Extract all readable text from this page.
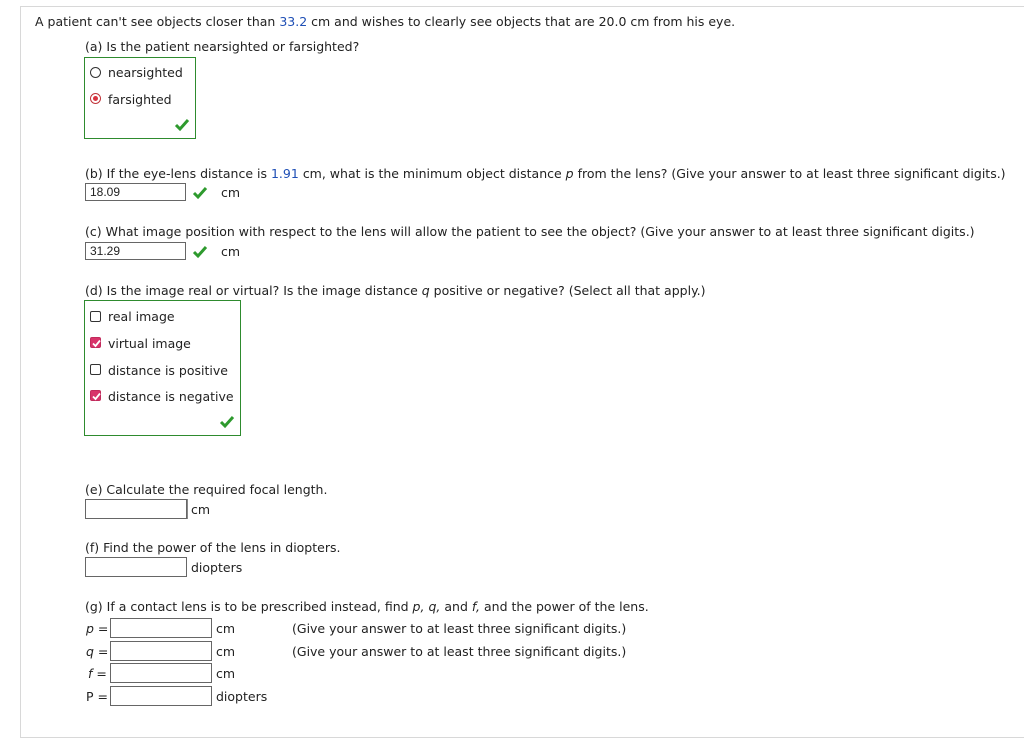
A patient can't see objects closer than 33.2 cm and wishes to clearly see objects that are 20.0 cm from his eye.
(a) Is the patient nearsighted or farsighted?
nearsighted
farsighted
(b) If the eye-lens distance is 1.91 cm, what is the minimum object distance p from the lens? (Give your answer to at least three significant digits.)
18.09	cm
(c) What image position with respect to the lens will allow the patient to see the object? (Give your answer to at least three significant digits.)
31.29	cm
(d) Is the image real or virtual? Is the image distance q positive or negative? (Select all that apply.)
real image
virtual image
distance is positive
distance is negative
(e) Calculate the required focal length.
cm
(f) Find the power of the lens in diopters.
diopters
(g) If a contact lens is to be prescribed instead, find p, q, and f, and the power of the lens.
p =	cm	(Give your answer to at least three significant digits.)
q =	cm	(Give your answer to at least three significant digits.)
f =	cm
P =	diopters
